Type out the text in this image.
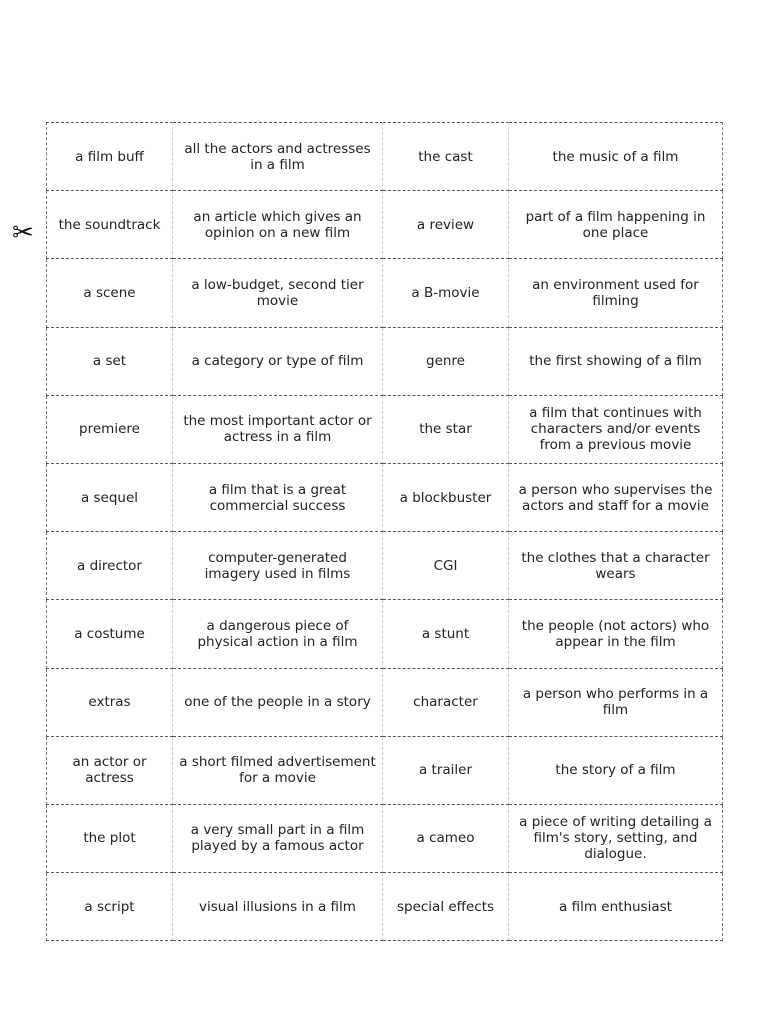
✂
a film buff	all the actors and actresses in a film	the cast	the music of a film
the soundtrack	an article which gives an opinion on a new film	a review	part of a film happening in one place
a scene	a low-budget, second tier movie	a B-movie	an environment used for filming
a set	a category or type of film	genre	the first showing of a film
premiere	the most important actor or actress in a film	the star	a film that continues with characters and/or events from a previous movie
a sequel	a film that is a great commercial success	a blockbuster	a person who supervises the actors and staff for a movie
a director	computer-generated imagery used in films	CGI	the clothes that a character wears
a costume	a dangerous piece of physical action in a film	a stunt	the people (not actors) who appear in the film
extras	one of the people in a story	character	a person who performs in a film
an actor or actress	a short filmed advertisement for a movie	a trailer	the story of a film
the plot	a very small part in a film played by a famous actor	a cameo	a piece of writing detailing a film's story, setting, and dialogue.
a script	visual illusions in a film	special effects	a film enthusiast
